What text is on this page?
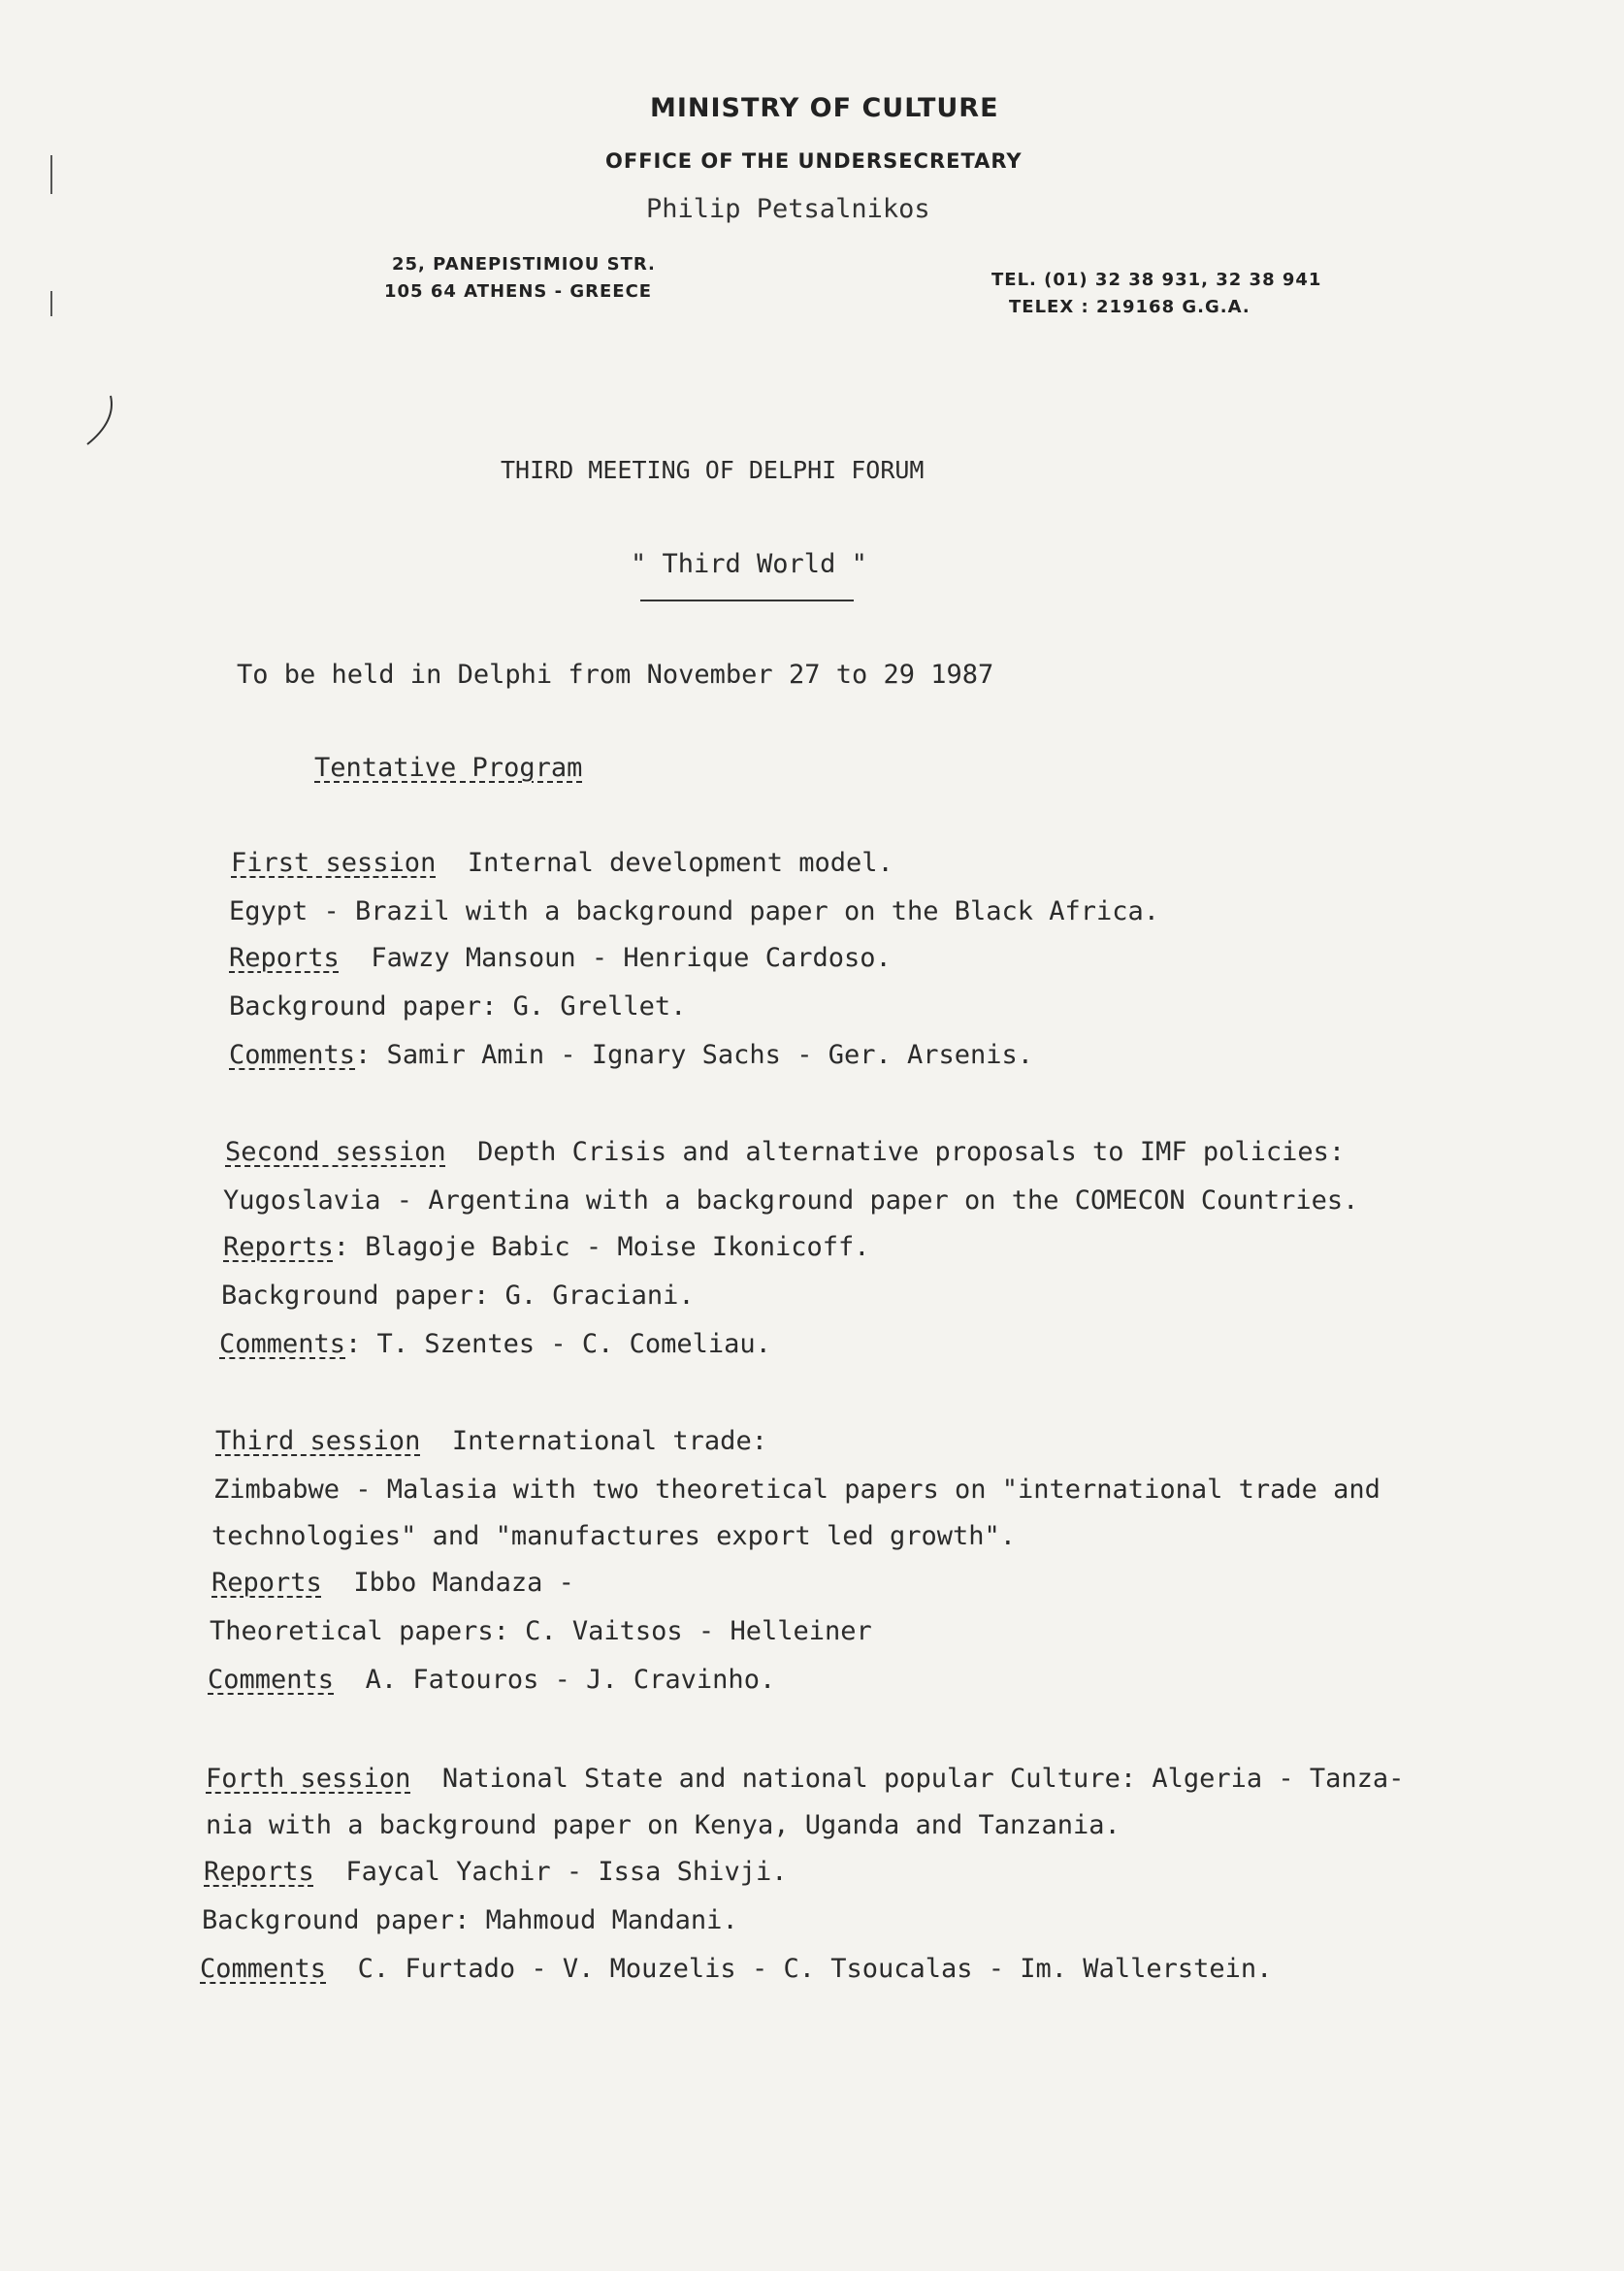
MINISTRY OF CULTURE
OFFICE OF THE UNDERSECRETARY
Philip Petsalnikos
25, PANEPISTIMIOU STR.
105 64 ATHENS - GREECE
TEL. (01) 32 38 931, 32 38 941
TELEX : 219168 G.G.A.
THIRD MEETING OF DELPHI FORUM
" Third World "
To be held in Delphi from November 27 to 29 1987
Tentative Program
First session Internal development model.
Egypt - Brazil with a background paper on the Black Africa.
Reports Fawzy Mansoun - Henrique Cardoso.
Background paper: G. Grellet.
Comments: Samir Amin - Ignary Sachs - Ger. Arsenis.
Second session Depth Crisis and alternative proposals to IMF policies:
Yugoslavia - Argentina with a background paper on the COMECON Countries.
Reports: Blagoje Babic - Moise Ikonicoff.
Background paper: G. Graciani.
Comments: T. Szentes - C. Comeliau.
Third session International trade:
Zimbabwe - Malasia with two theoretical papers on "international trade and
technologies" and "manufactures export led growth".
Reports Ibbo Mandaza -
Theoretical papers: C. Vaitsos - Helleiner
Comments A. Fatouros - J. Cravinho.
Forth session National State and national popular Culture: Algeria - Tanza-
nia with a background paper on Kenya, Uganda and Tanzania.
Reports Faycal Yachir - Issa Shivji.
Background paper: Mahmoud Mandani.
Comments C. Furtado - V. Mouzelis - C. Tsoucalas - Im. Wallerstein.
